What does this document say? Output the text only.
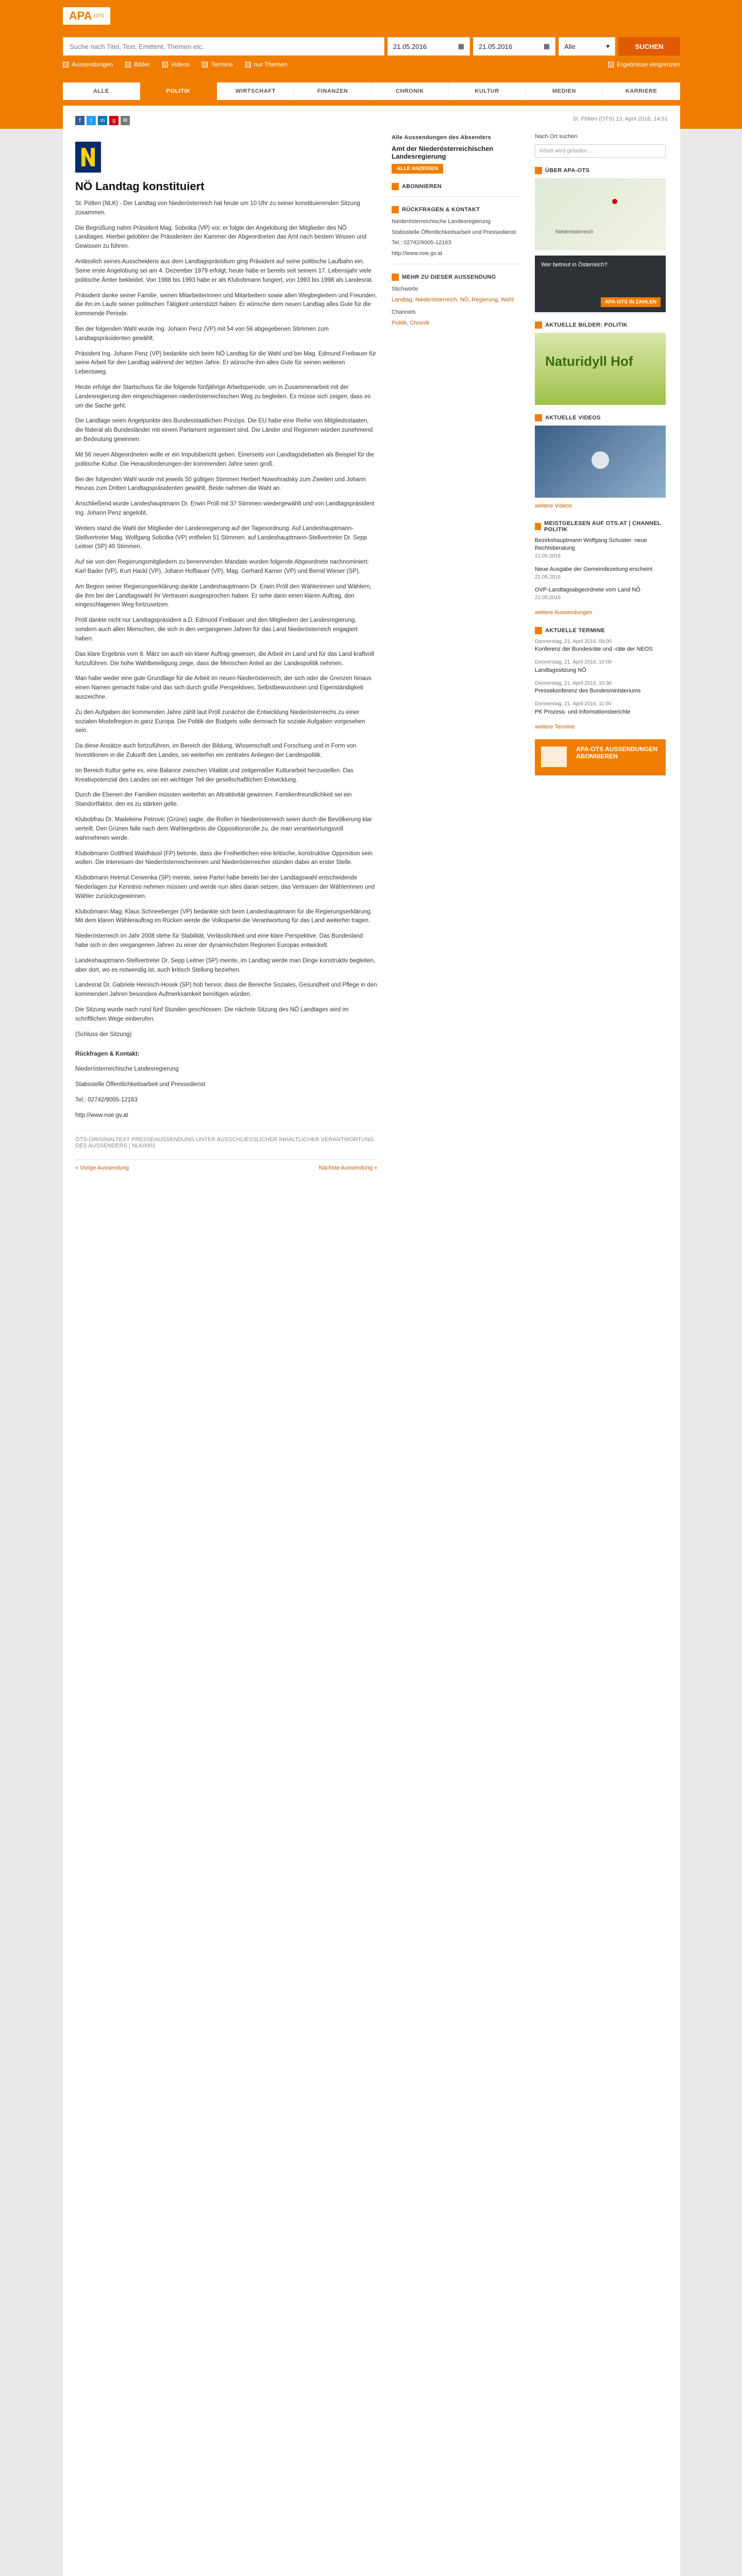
APA OTS
Suche nach Titel, Text, Emittent, Themen etc.	21.05.2016	▦ 21.05.2016	▦ Alle	▾	SUCHEN
Aussendungen	Bilder	Videos	Termine	nur Themen	Ergebnisse eingrenzen
ALLE	POLITIK	WIRTSCHAFT	FINANZEN	CHRONIK	KULTUR	MEDIEN	KARRIERE
f	t	in	g	✉	St. Pölten (OTS) 13. April 2016, 14:51
NÖ Landtag konstituiert

St. Pölten (NLK) - Der Landtag von Niederösterreich hat heute um 10 Uhr zu seiner konstituierenden Sitzung zusammen.

Die Begrüßung nahm Präsident Mag. Sobotka (VP) vor, er folgte der Angelobung der Mitglieder des NÖ Landtages. Hierbei gelobten die Präsidenten der Kammer der Abgeordneten das Amt nach bestem Wissen und Gewissen zu führen.

Anlässlich seines Ausscheidens aus dem Landtagspräsidium ging Präsident auf seine politische Laufbahn ein. Seine erste Angelobung sei am 4. Dezember 1979 erfolgt, heute habe er bereits seit seinem 17. Lebensjahr viele politische Ämter bekleidet. Von 1988 bis 1993 habe er als Klubobmann fungiert, von 1993 bis 1998 als Landesrat.

Präsident danke seiner Familie, seinen Mitarbeiterinnen und Mitarbeitern sowie allen Wegbegleitern und Freunden, die ihn im Laufe seiner politischen Tätigkeit unterstützt haben. Er wünsche dem neuen Landtag alles Gute für die kommende Periode.

Bei der folgenden Wahl wurde Ing. Johann Penz (VP) mit 54 von 56 abgegebenen Stimmen zum Landtagspräsidenten gewählt.

Präsident Ing. Johann Penz (VP) bedankte sich beim NÖ Landtag für die Wahl und bei Mag. Edmund Freibauer für seine Arbeit für den Landtag während der letzten Jahre. Er wünsche ihm alles Gute für seinen weiteren Lebensweg.

Heute erfolge der Startschuss für die folgende fünfjährige Arbeitsperiode, um in Zusammenarbeit mit der Landesregierung den eingeschlagenen niederösterreichischen Weg zu begleiten. Es müsse sich zeigen, dass es um die Sache geht.

Die Landtage seien Angelpunkte des Bundesstaatlichen Prinzips. Die EU habe eine Reihe von Mitgliedsstaaten, die föderal als Bundesländer mit einem Parlament organisiert sind. Die Länder und Regionen würden zunehmend an Bedeutung gewinnen.

Mit 56 neuen Abgeordneten wolle er ein Impulsbericht geben. Einerseits von Landtagsdebatten als Beispiel für die politische Kultur. Die Herausforderungen der kommenden Jahre seien groß.

Bei der folgenden Wahl wurde mit jeweils 50 gültigen Stimmen Herbert Nowohradsky zum Zweiten und Johann Heuras zum Dritten Landtagspräsidenten gewählt. Beide nahmen die Wahl an.

Anschließend wurde Landeshauptmann Dr. Erwin Pröll mit 37 Stimmen wiedergewählt und von Landtagspräsident Ing. Johann Penz angelobt.

Weiters stand die Wahl der Mitglieder der Landesregierung auf der Tagesordnung. Auf Landeshauptmann-Stellvertreter Mag. Wolfgang Sobotka (VP) entfielen 51 Stimmen, auf Landeshauptmann-Stellvertreter Dr. Sepp Leitner (SP) 40 Stimmen.

Auf sie von den Regierungsmitgliedern zu benennenden Mandate wurden folgende Abgeordnete nachnominiert: Karl Bader (VP), Kurt Hackl (VP), Johann Hofbauer (VP), Mag. Gerhard Karner (VP) und Bernd Wieser (SP).

Am Beginn seiner Regierungserklärung dankte Landeshauptmann Dr. Erwin Pröll den Wählerinnen und Wählern, die ihm bei der Landtagswahl ihr Vertrauen ausgesprochen haben. Er sehe darin einen klaren Auftrag, den eingeschlagenen Weg fortzusetzen.

Pröll dankte nicht nur Landtagspräsident a.D. Edmund Freibauer und den Mitgliedern der Landesregierung, sondern auch allen Menschen, die sich in den vergangenen Jahren für das Land Niederösterreich engagiert haben.

Das klare Ergebnis vom 8. März sei auch ein klarer Auftrag gewesen, die Arbeit im Land und für das Land kraftvoll fortzuführen. Die hohe Wahlbeteiligung zeige, dass die Menschen Anteil an der Landespolitik nehmen.

Man habe weder eine gute Grundlage für die Arbeit im neuen Niederösterreich, der sich oder die Grenzen hinaus einen Namen gemacht habe und das sich durch große Perspektiven, Selbstbewusstsein und Eigenständigkeit auszeichne.

Zu den Aufgaben der kommenden Jahre zählt laut Pröll zunächst die Entwicklung Niederösterreichs zu einer sozialen Modellregion in ganz Europa. Die Politik der Budgets solle demnach für soziale Aufgaben vorgesehen sein.

Da diese Ansätze auch fortzuführen, im Bereich der Bildung, Wissenschaft und Forschung und in Form von Investitionen in die Zukunft des Landes, sei weiterhin ein zentrales Anliegen der Landespolitik.

Im Bereich Kultur gehe es, eine Balance zwischen Vitalität und zeitgemäßer Kulturarbeit herzustellen. Das Kreativpotenzial des Landes sei ein wichtiger Teil der gesellschaftlichen Entwicklung.

Durch die Ebenen der Familien müssten weiterhin an Attraktivität gewinnen. Familienfreundlichkeit sei ein Standortfaktor, den es zu stärken gelte.

Klubobfrau Dr. Madeleine Petrovic (Grüne) sagte, die Rollen in Niederösterreich seien durch die Bevölkerung klar verteilt. Den Grünen falle nach dem Wahlergebnis die Oppositionsrolle zu, die man verantwortungsvoll wahrnehmen werde.

Klubobmann Gottfried Waldhäusl (FP) betonte, dass die Freiheitlichen eine kritische, konstruktive Opposition sein wollen. Die Interessen der Niederösterreicherinnen und Niederösterreicher stünden dabei an erster Stelle.

Klubobmann Helmut Cerwenka (SP) meinte, seine Partei habe bereits bei der Landtagswahl entscheidende Niederlagen zur Kenntnis nehmen müssen und werde nun alles daran setzen, das Vertrauen der Wählerinnen und Wähler zurückzugewinnen.

Klubobmann Mag. Klaus Schneeberger (VP) bedankte sich beim Landeshauptmann für die Regierungserklärung. Mit dem klaren Wählerauftrag im Rücken werde die Volkspartei die Verantwortung für das Land weiterhin tragen.

Niederösterreich im Jahr 2008 stehe für Stabilität, Verlässlichkeit und eine klare Perspektive. Das Bundesland habe sich in den vergangenen Jahren zu einer der dynamischsten Regionen Europas entwickelt.

Landeshauptmann-Stellvertreter Dr. Sepp Leitner (SP) meinte, im Landtag werde man Dinge konstruktiv begleiten, aber dort, wo es notwendig ist, auch kritisch Stellung beziehen.

Landesrat Dr. Gabriele Heinisch-Hosek (SP) hob hervor, dass die Bereiche Soziales, Gesundheit und Pflege in den kommenden Jahren besondere Aufmerksamkeit benötigen würden.

Die Sitzung wurde nach rund fünf Stunden geschlossen. Die nächste Sitzung des NÖ Landtages wird im schriftlichen Wege einberufen.

(Schluss der Sitzung)

Rückfragen & Kontakt:

Niederösterreichische Landesregierung

Stabsstelle Öffentlichkeitsarbeit und Pressedienst

Tel.: 02742/9005-12163

http://www.noe.gv.at

OTS-ORIGINALTEXT PRESSEAUSSENDUNG UNTER AUSSCHLIESSLICHER INHALTLICHER VERANTWORTUNG DES AUSSENDERS | NLK0001
« Vorige Aussendung	Nächste Aussendung »
Alle Aussendungen des Absenders
Amt der Niederösterreichischen Landesregierung
ALLE ANZEIGEN
ABONNIEREN
RÜCKFRAGEN & KONTAKT

Niederösterreichische Landesregierung

Stabsstelle Öffentlichkeitsarbeit und Pressedienst

Tel.: 02742/9005-12163

http://www.noe.gv.at

MEHR ZU DIESER AUSSENDUNG

Stichworte

Landtag, Niederösterreich, NÖ, Regierung, Wahl

Channels

Politik, Chronik

Nach Ort suchen

Inhalt wird geladen ...
ÜBER APA-OTS
Niederösterreich
Wer betreut in Österreich?
APA-OTS IN ZAHLEN
AKTUELLE BILDER: POLITIK
Naturidyll Hof
AKTUELLE VIDEOS
weitere Videos
MEISTGELESEN AUF OTS.AT | CHANNEL POLITIK
Bezirkshauptmann Wolfgang Schuster: neue Rechtsberatung
21.05.2016
Neue Ausgabe der Gemeindezeitung erscheint
21.05.2016
OVP-Landtagsabgeordnete vom Land NÖ
21.05.2016
weitere Aussendungen
AKTUELLE TERMINE
Donnerstag, 21. April 2016, 09:00
Konferenz der Bundesräte und -räte der NEOS
Donnerstag, 21. April 2016, 10:00
Landtagssitzung NÖ
Donnerstag, 21. April 2016, 10:30
Pressekonferenz des Bundesministeriums
Donnerstag, 21. April 2016, 11:00
PK Prozess- und Informationsberichte
weitere Termine
APA-OTS AUSSENDUNGEN ABONNIEREN
